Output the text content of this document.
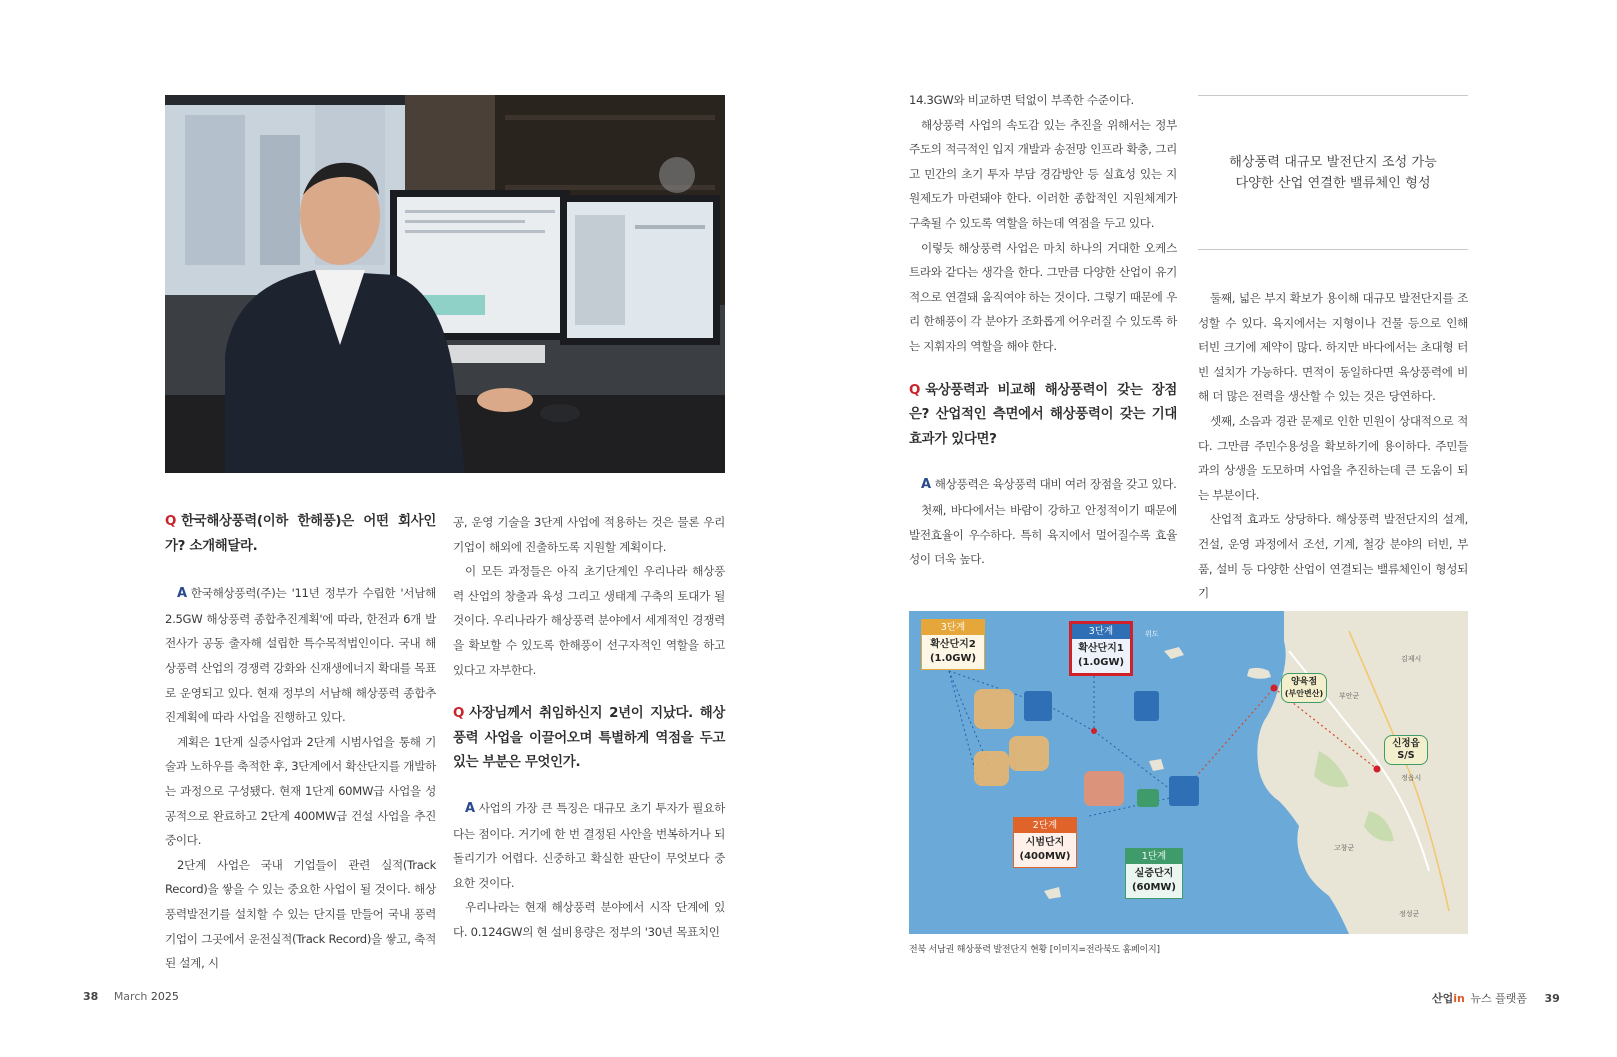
Q 한국해상풍력(이하 한해풍)은 어떤 회사인가? 소개해달라.

A 한국해상풍력(주)는 '11년 정부가 수립한 '서남해 2.5GW 해상풍력 종합추진계획'에 따라, 한전과 6개 발전사가 공동 출자해 설립한 특수목적법인이다. 국내 해상풍력 산업의 경쟁력 강화와 신재생에너지 확대를 목표로 운영되고 있다. 현재 정부의 서남해 해상풍력 종합추진계획에 따라 사업을 진행하고 있다.

계획은 1단계 실증사업과 2단계 시범사업을 통해 기술과 노하우를 축적한 후, 3단계에서 확산단지를 개발하는 과정으로 구성됐다. 현재 1단계 60MW급 사업을 성공적으로 완료하고 2단계 400MW급 건설 사업을 추진 중이다.

2단계 사업은 국내 기업들이 관련 실적(Track Record)을 쌓을 수 있는 중요한 사업이 될 것이다. 해상풍력발전기를 설치할 수 있는 단지를 만들어 국내 풍력기업이 그곳에서 운전실적(Track Record)을 쌓고, 축적된 설계, 시

공, 운영 기술을 3단계 사업에 적용하는 것은 물론 우리 기업이 해외에 진출하도록 지원할 계획이다.

이 모든 과정들은 아직 초기단계인 우리나라 해상풍력 산업의 창출과 육성 그리고 생태계 구축의 토대가 될 것이다. 우리나라가 해상풍력 분야에서 세계적인 경쟁력을 확보할 수 있도록 한해풍이 선구자적인 역할을 하고 있다고 자부한다.

Q 사장님께서 취임하신지 2년이 지났다. 해상풍력 사업을 이끌어오며 특별하게 역점을 두고 있는 부분은 무엇인가.

A 사업의 가장 큰 특징은 대규모 초기 투자가 필요하다는 점이다. 거기에 한 번 결정된 사안을 번복하거나 되돌리기가 어렵다. 신중하고 확실한 판단이 무엇보다 중요한 것이다.

우리나라는 현재 해상풍력 분야에서 시작 단계에 있다. 0.124GW의 현 설비용량은 정부의 '30년 목표치인

14.3GW와 비교하면 턱없이 부족한 수준이다.

해상풍력 사업의 속도감 있는 추진을 위해서는 정부 주도의 적극적인 입지 개발과 송전망 인프라 확충, 그리고 민간의 초기 투자 부담 경감방안 등 실효성 있는 지원제도가 마련돼야 한다. 이러한 종합적인 지원체계가 구축될 수 있도록 역할을 하는데 역점을 두고 있다.

이렇듯 해상풍력 사업은 마치 하나의 거대한 오케스트라와 같다는 생각을 한다. 그만큼 다양한 산업이 유기적으로 연결돼 움직여야 하는 것이다. 그렇기 때문에 우리 한해풍이 각 분야가 조화롭게 어우러질 수 있도록 하는 지휘자의 역할을 해야 한다.

Q 육상풍력과 비교해 해상풍력이 갖는 장점은? 산업적인 측면에서 해상풍력이 갖는 기대효과가 있다면?

A 해상풍력은 육상풍력 대비 여러 장점을 갖고 있다.

첫째, 바다에서는 바람이 강하고 안정적이기 때문에 발전효율이 우수하다. 특히 육지에서 멀어질수록 효율성이 더욱 높다.

해상풍력 대규모 발전단지 조성 가능
다양한 산업 연결한 밸류체인 형성

둘째, 넓은 부지 확보가 용이해 대규모 발전단지를 조성할 수 있다. 육지에서는 지형이나 건물 등으로 인해 터빈 크기에 제약이 많다. 하지만 바다에서는 초대형 터빈 설치가 가능하다. 면적이 동일하다면 육상풍력에 비해 더 많은 전력을 생산할 수 있는 것은 당연하다.

셋째, 소음과 경관 문제로 인한 민원이 상대적으로 적다. 그만큼 주민수용성을 확보하기에 용이하다. 주민들과의 상생을 도모하며 사업을 추진하는데 큰 도움이 되는 부분이다.

산업적 효과도 상당하다. 해상풍력 발전단지의 설계, 건설, 운영 과정에서 조선, 기계, 철강 분야의 터빈, 부품, 설비 등 다양한 산업이 연결되는 밸류체인이 형성되기

3단계
확산단지2
(1.0GW)
3단계
확산단지1
(1.0GW)
2단계
시범단지
(400MW)	1단계
실증단지
(60MW)
양육점
(부안변산)
신정읍
S/S
김제시
부안군
정읍시
고창군
정성군
위도
전북 서남권 해상풍력 발전단지 현황 [이미지=전라북도 홈페이지]
38 March 2025	산업in 뉴스 플랫폼 39
